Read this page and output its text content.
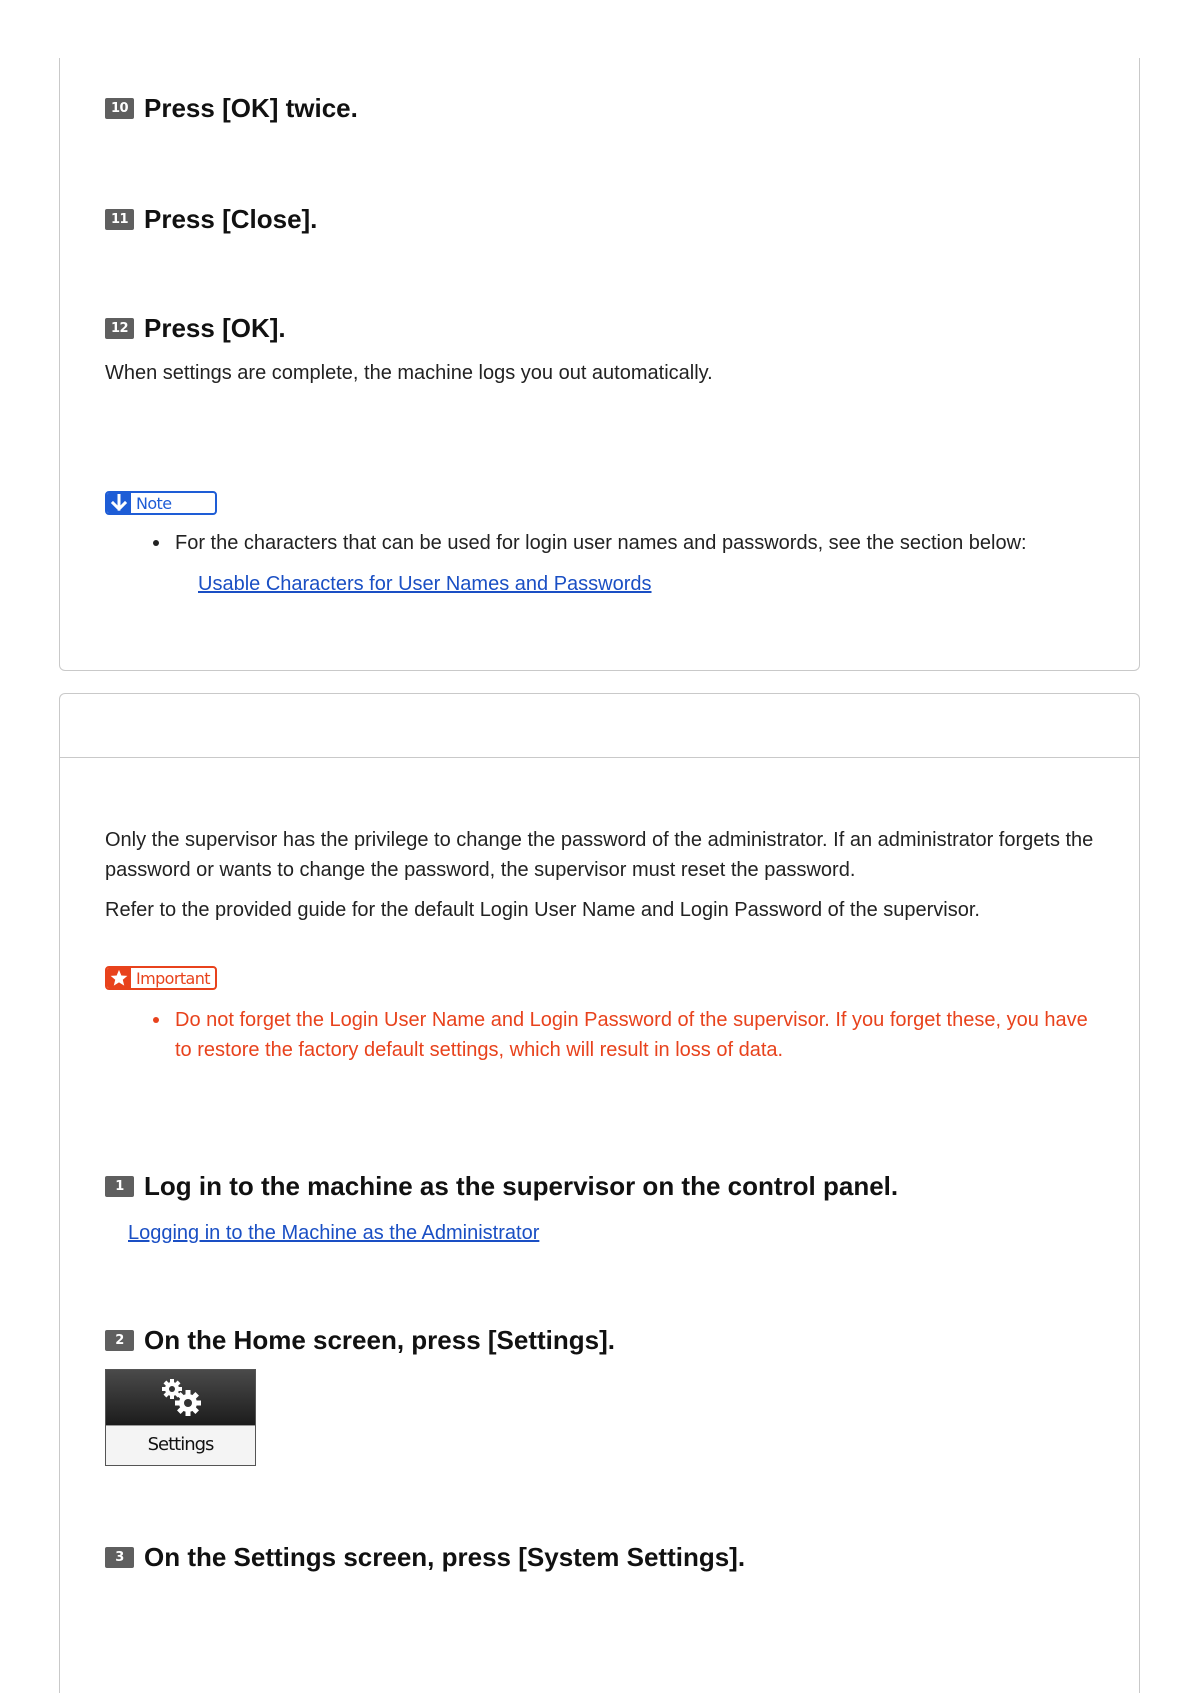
10 Press [OK] twice.
11 Press [Close].
12 Press [OK].
When settings are complete, the machine logs you out automatically.
Note
For the characters that can be used for login user names and passwords, see the section below:
Usable Characters for User Names and Passwords
Only the supervisor has the privilege to change the password of the administrator. If an administrator forgets the password or wants to change the password, the supervisor must reset the password.
Refer to the provided guide for the default Login User Name and Login Password of the supervisor.
Important
Do not forget the Login User Name and Login Password of the supervisor. If you forget these, you have to restore the factory default settings, which will result in loss of data.
1 Log in to the machine as the supervisor on the control panel.
Logging in to the Machine as the Administrator
2 On the Home screen, press [Settings].
Settings
3 On the Settings screen, press [System Settings].
